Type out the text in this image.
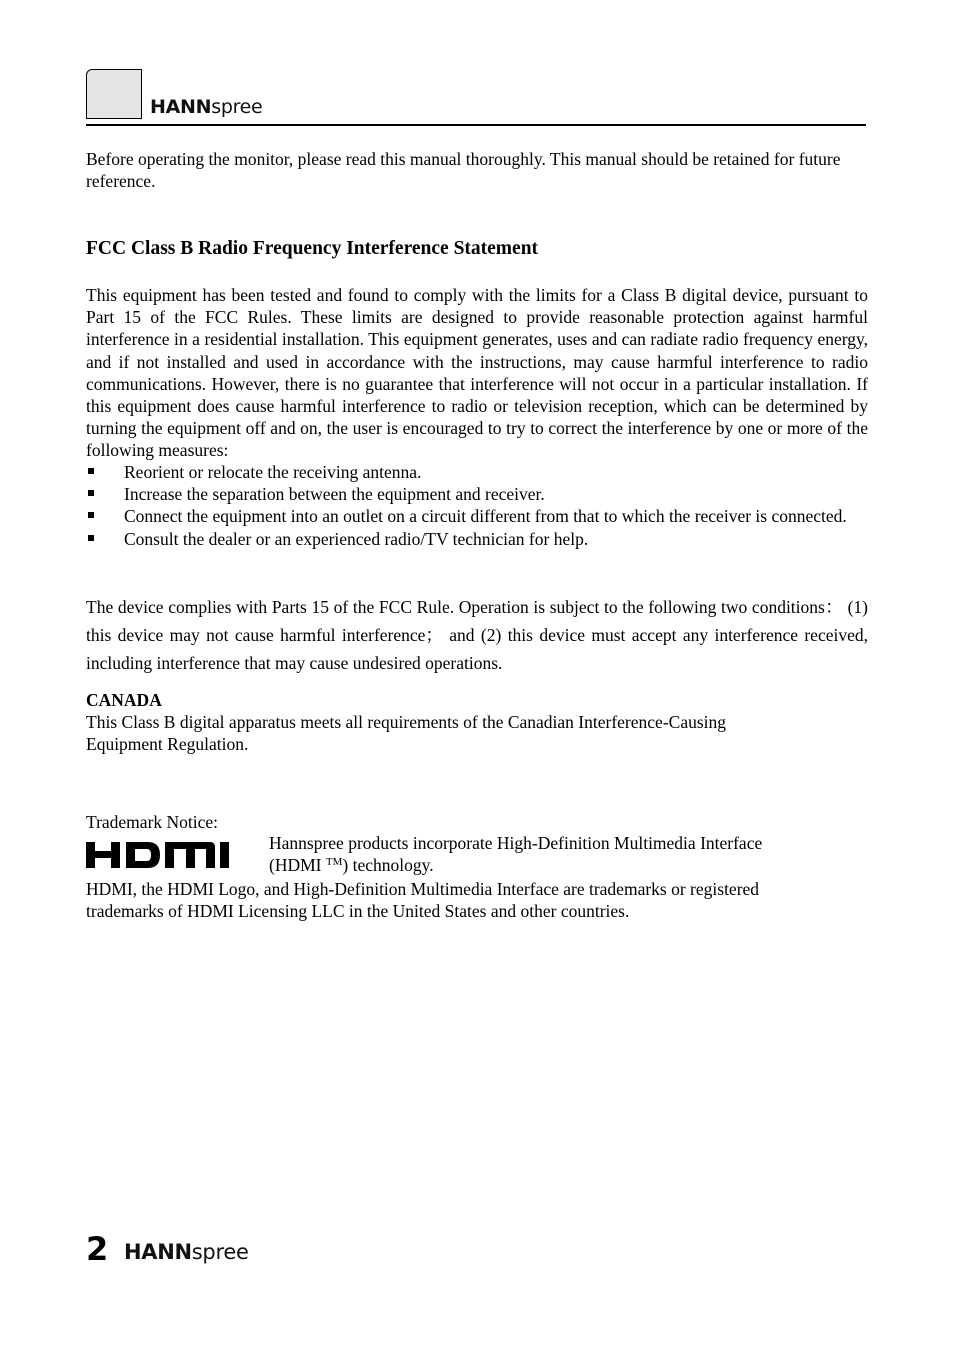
HANNspree
Before operating the monitor, please read this manual thoroughly. This manual should be retained for future reference.
FCC Class B Radio Frequency Interference Statement
This equipment has been tested and found to comply with the limits for a Class B digital device, pursuant to Part 15 of the FCC Rules. These limits are designed to provide reasonable protection against harmful interference in a residential installation. This equipment generates, uses and can radiate radio frequency energy, and if not installed and used in accordance with the instructions, may cause harmful interference to radio communications. However, there is no guarantee that interference will not occur in a particular installation. If this equipment does cause harmful interference to radio or television reception, which can be determined by turning the equipment off and on, the user is encouraged to try to correct the interference by one or more of the following measures:
Reorient or relocate the receiving antenna.
Increase the separation between the equipment and receiver.
Connect the equipment into an outlet on a circuit different from that to which the receiver is connected.
Consult the dealer or an experienced radio/TV technician for help.
The device complies with Parts 15 of the FCC Rule. Operation is subject to the following two conditions： (1) this device may not cause harmful interference； and (2) this device must accept any interference received, including interference that may cause undesired operations.
CANADA
This Class B digital apparatus meets all requirements of the Canadian Interference-Causing
Equipment Regulation.
Trademark Notice:
Hannspree products incorporate High-Definition Multimedia Interface
(HDMI ™) technology.
HDMI, the HDMI Logo, and High-Definition Multimedia Interface are trademarks or registered
trademarks of HDMI Licensing LLC in the United States and other countries.
2 HANNspree
